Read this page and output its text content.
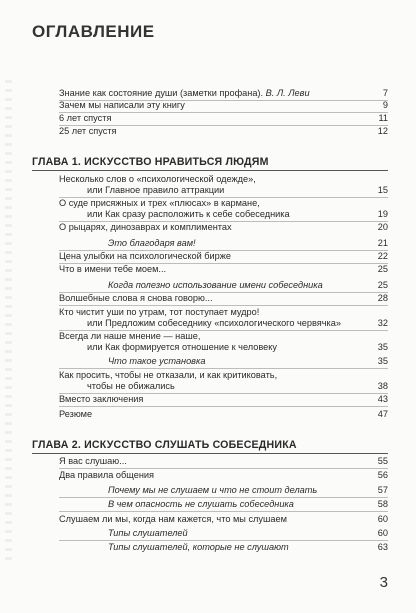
ОГЛАВЛЕНИЕ
Знание как состояние души (заметки профана). В. Л. Леви	7
Зачем мы написали эту книгу	9
6 лет спустя	11
25 лет спустя	12
ГЛАВА 1. ИСКУССТВО НРАВИТЬСЯ ЛЮДЯМ
Несколько слов о «психологической одежде»,
или Главное правило аттракции	15
О суде присяжных и трех «плюсах» в кармане,
или Как сразу расположить к себе собеседника	19
О рыцарях, динозаврах и комплиментах	20
Это благодаря вам!	21
Цена улыбки на психологической бирже	22
Что в имени тебе моем...	25
Когда полезно использование имени собеседника	25
Волшебные слова я снова говорю...	28
Кто чистит уши по утрам, тот поступает мудро!
или Предложим собеседнику «психологического червячка»	32
Всегда ли наше мнение — наше,
или Как формируется отношение к человеку	35
Что такое установка	35
Как просить, чтобы не отказали, и как критиковать,
чтобы не обижались	38
Вместо заключения	43
Резюме	47
ГЛАВА 2. ИСКУССТВО СЛУШАТЬ СОБЕСЕДНИКА
Я вас слушаю...	55
Два правила общения	56
Почему мы не слушаем и что не стоит делать	57
В чем опасность не слушать собеседника	58
Слушаем ли мы, когда нам кажется, что мы слушаем	60
Типы слушателей	60
Типы слушателей, которые не слушают	63
3
